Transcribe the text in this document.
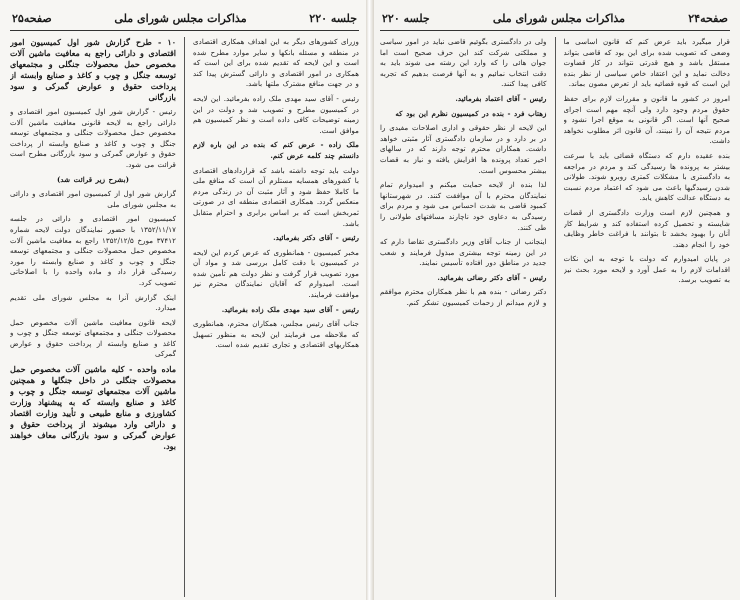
جلسه ۲۲۰
مذاکرات مجلس شورای ملی
صفحه۲۵

وزرای کشورهای دیگر به این اهداف همکاری اقتصادی در منطقه و مسئله بانکها و سایر موارد مطرح شده است و این لایحه که تقدیم شده برای این است که همکاری در امور اقتصادی و دارائی گسترش پیدا کند و در جهت منافع مشترک ملتها باشد.

رئیس - آقای سید مهدی ملک زاده بفرمائید. این لایحه در کمیسیون مطرح و تصویب شد و دولت در این زمینه توضیحات کافی داده است و نظر کمیسیون هم موافق است.

ملک زاده - عرض کنم که بنده در این باره لازم دانستم چند کلمه عرض کنم.

دولت باید توجه داشته باشد که قراردادهای اقتصادی با کشورهای همسایه مستلزم آن است که منافع ملی ما کاملا حفظ شود و آثار مثبت آن در زندگی مردم منعکس گردد. همکاری اقتصادی منطقه ای در صورتی ثمربخش است که بر اساس برابری و احترام متقابل باشد.

رئیس - آقای دکتر بفرمائید.

مخبر کمیسیون - همانطوری که عرض کردم این لایحه در کمیسیون با دقت کامل بررسی شد و مواد آن مورد تصویب قرار گرفت و نظر دولت هم تأمین شده است. امیدوارم که آقایان نمایندگان محترم نیز موافقت فرمایند.

رئیس - آقای سید مهدی ملک زاده بفرمائید.

جناب آقای رئیس مجلس، همکاران محترم، همانطوری که ملاحظه می فرمایند این لایحه به منظور تسهیل همکاریهای اقتصادی و تجاری تقدیم شده است.

۱۰ - طرح گزارش شور اول کمیسیون امور اقتصادی و دارائی راجع به معافیت ماشین آلات مخصوص حمل محصولات جنگلی و مجتمعهای توسعه جنگل و چوب و کاغذ و صنایع وابسته از پرداخت حقوق و عوارض گمرکی و سود بازرگانی

رئیس - گزارش شور اول کمیسیون امور اقتصادی و دارائی راجع به لایحه قانونی معافیت ماشین آلات مخصوص حمل محصولات جنگلی و مجتمعهای توسعه جنگل و چوب و کاغذ و صنایع وابسته از پرداخت حقوق و عوارض گمرکی و سود بازرگانی مطرح است قرائت می شود.

(بشرح زیر قرائت شد)

گزارش شور اول از کمیسیون امور اقتصادی و دارائی به مجلس شورای ملی

کمیسیون امور اقتصادی و دارائی در جلسه ۱۳۵۲/۱۱/۱۷ با حضور نمایندگان دولت لایحه شماره ۳۷۴۱۲ مورخ ۱۳۵۲/۱۲/۵ راجع به معافیت ماشین آلات مخصوص حمل محصولات جنگلی و مجتمعهای توسعه جنگل و چوب و کاغذ و صنایع وابسته را مورد رسیدگی قرار داد و ماده واحده را با اصلاحاتی تصویب کرد.

اینک گزارش آنرا به مجلس شورای ملی تقدیم میدارد.

لایحه قانون معافیت ماشین آلات مخصوص حمل محصولات جنگلی و مجتمعهای توسعه جنگل و چوب و کاغذ و صنایع وابسته از پرداخت حقوق و عوارض گمرکی

ماده واحده - کلیه ماشین آلات مخصوص حمل محصولات جنگلی در داخل جنگلها و همچنین ماشین آلات مجتمعهای توسعه جنگل و چوب و کاغذ و صنایع وابسته که به پیشنهاد وزارت کشاورزی و منابع طبیعی و تأیید وزارت اقتصاد و دارائی وارد میشوند از پرداخت حقوق و عوارض گمرکی و سود بازرگانی معاف خواهند بود.

صفحه۲۴
مذاکرات مجلس شورای ملی
جلسه ۲۲۰

قرار میگیرد باید عرض کنم که قانون اساسی ما وضعی که تصویب شده برای این بود که قاضی بتواند مستقل باشد و هیچ قدرتی نتواند در کار قضاوت دخالت نماید و این اعتقاد خاص سیاسی از نظر بنده این است که قوه قضائیه باید از تعرض مصون بماند.

امروز در کشور ما قانون و مقررات لازم برای حفظ حقوق مردم وجود دارد ولی آنچه مهم است اجرای صحیح آنها است. اگر قانونی به موقع اجرا نشود و مردم نتیجه آن را نبینند، آن قانون اثر مطلوب نخواهد داشت.

بنده عقیده دارم که دستگاه قضائی باید با سرعت بیشتر به پرونده ها رسیدگی کند و مردم در مراجعه به دادگستری با مشکلات کمتری روبرو شوند. طولانی شدن رسیدگیها باعث می شود که اعتماد مردم نسبت به دستگاه عدالت کاهش یابد.

و همچنین لازم است وزارت دادگستری از قضات شایسته و تحصیل کرده استفاده کند و شرایط کار آنان را بهبود بخشد تا بتوانند با فراغت خاطر وظایف خود را انجام دهند.

در پایان امیدوارم که دولت با توجه به این نکات اقدامات لازم را به عمل آورد و لایحه مورد بحث نیز به تصویب برسد.

ولی در دادگستری بگوئیم قاضی نباید در امور سیاسی و مملکتی شرکت کند این حرف صحیح است اما جوان هائی را که وارد این رشته می شوند باید به دقت انتخاب نمائیم و به آنها فرصت بدهیم که تجربه کافی پیدا کنند.

رئیس - آقای اعتماد بفرمائید.

زهتاب فرد - بنده در کمیسیون نظرم این بود که

این لایحه از نظر حقوقی و اداری اصلاحات مفیدی را در بر دارد و در سازمان دادگستری آثار مثبتی خواهد داشت. همکاران محترم توجه دارند که در سالهای اخیر تعداد پرونده ها افزایش یافته و نیاز به قضات بیشتر محسوس است.

لذا بنده از لایحه حمایت میکنم و امیدوارم تمام نمایندگان محترم با آن موافقت کنند. در شهرستانها کمبود قاضی به شدت احساس می شود و مردم برای رسیدگی به دعاوی خود ناچارند مسافتهای طولانی را طی کنند.

اینجانب از جناب آقای وزیر دادگستری تقاضا دارم که در این زمینه توجه بیشتری مبذول فرمایند و شعب جدید در مناطق دور افتاده تأسیس نمایند.

رئیس - آقای دکتر رضائی بفرمائید.

دکتر رضائی - بنده هم با نظر همکاران محترم موافقم و لازم میدانم از زحمات کمیسیون تشکر کنم.
